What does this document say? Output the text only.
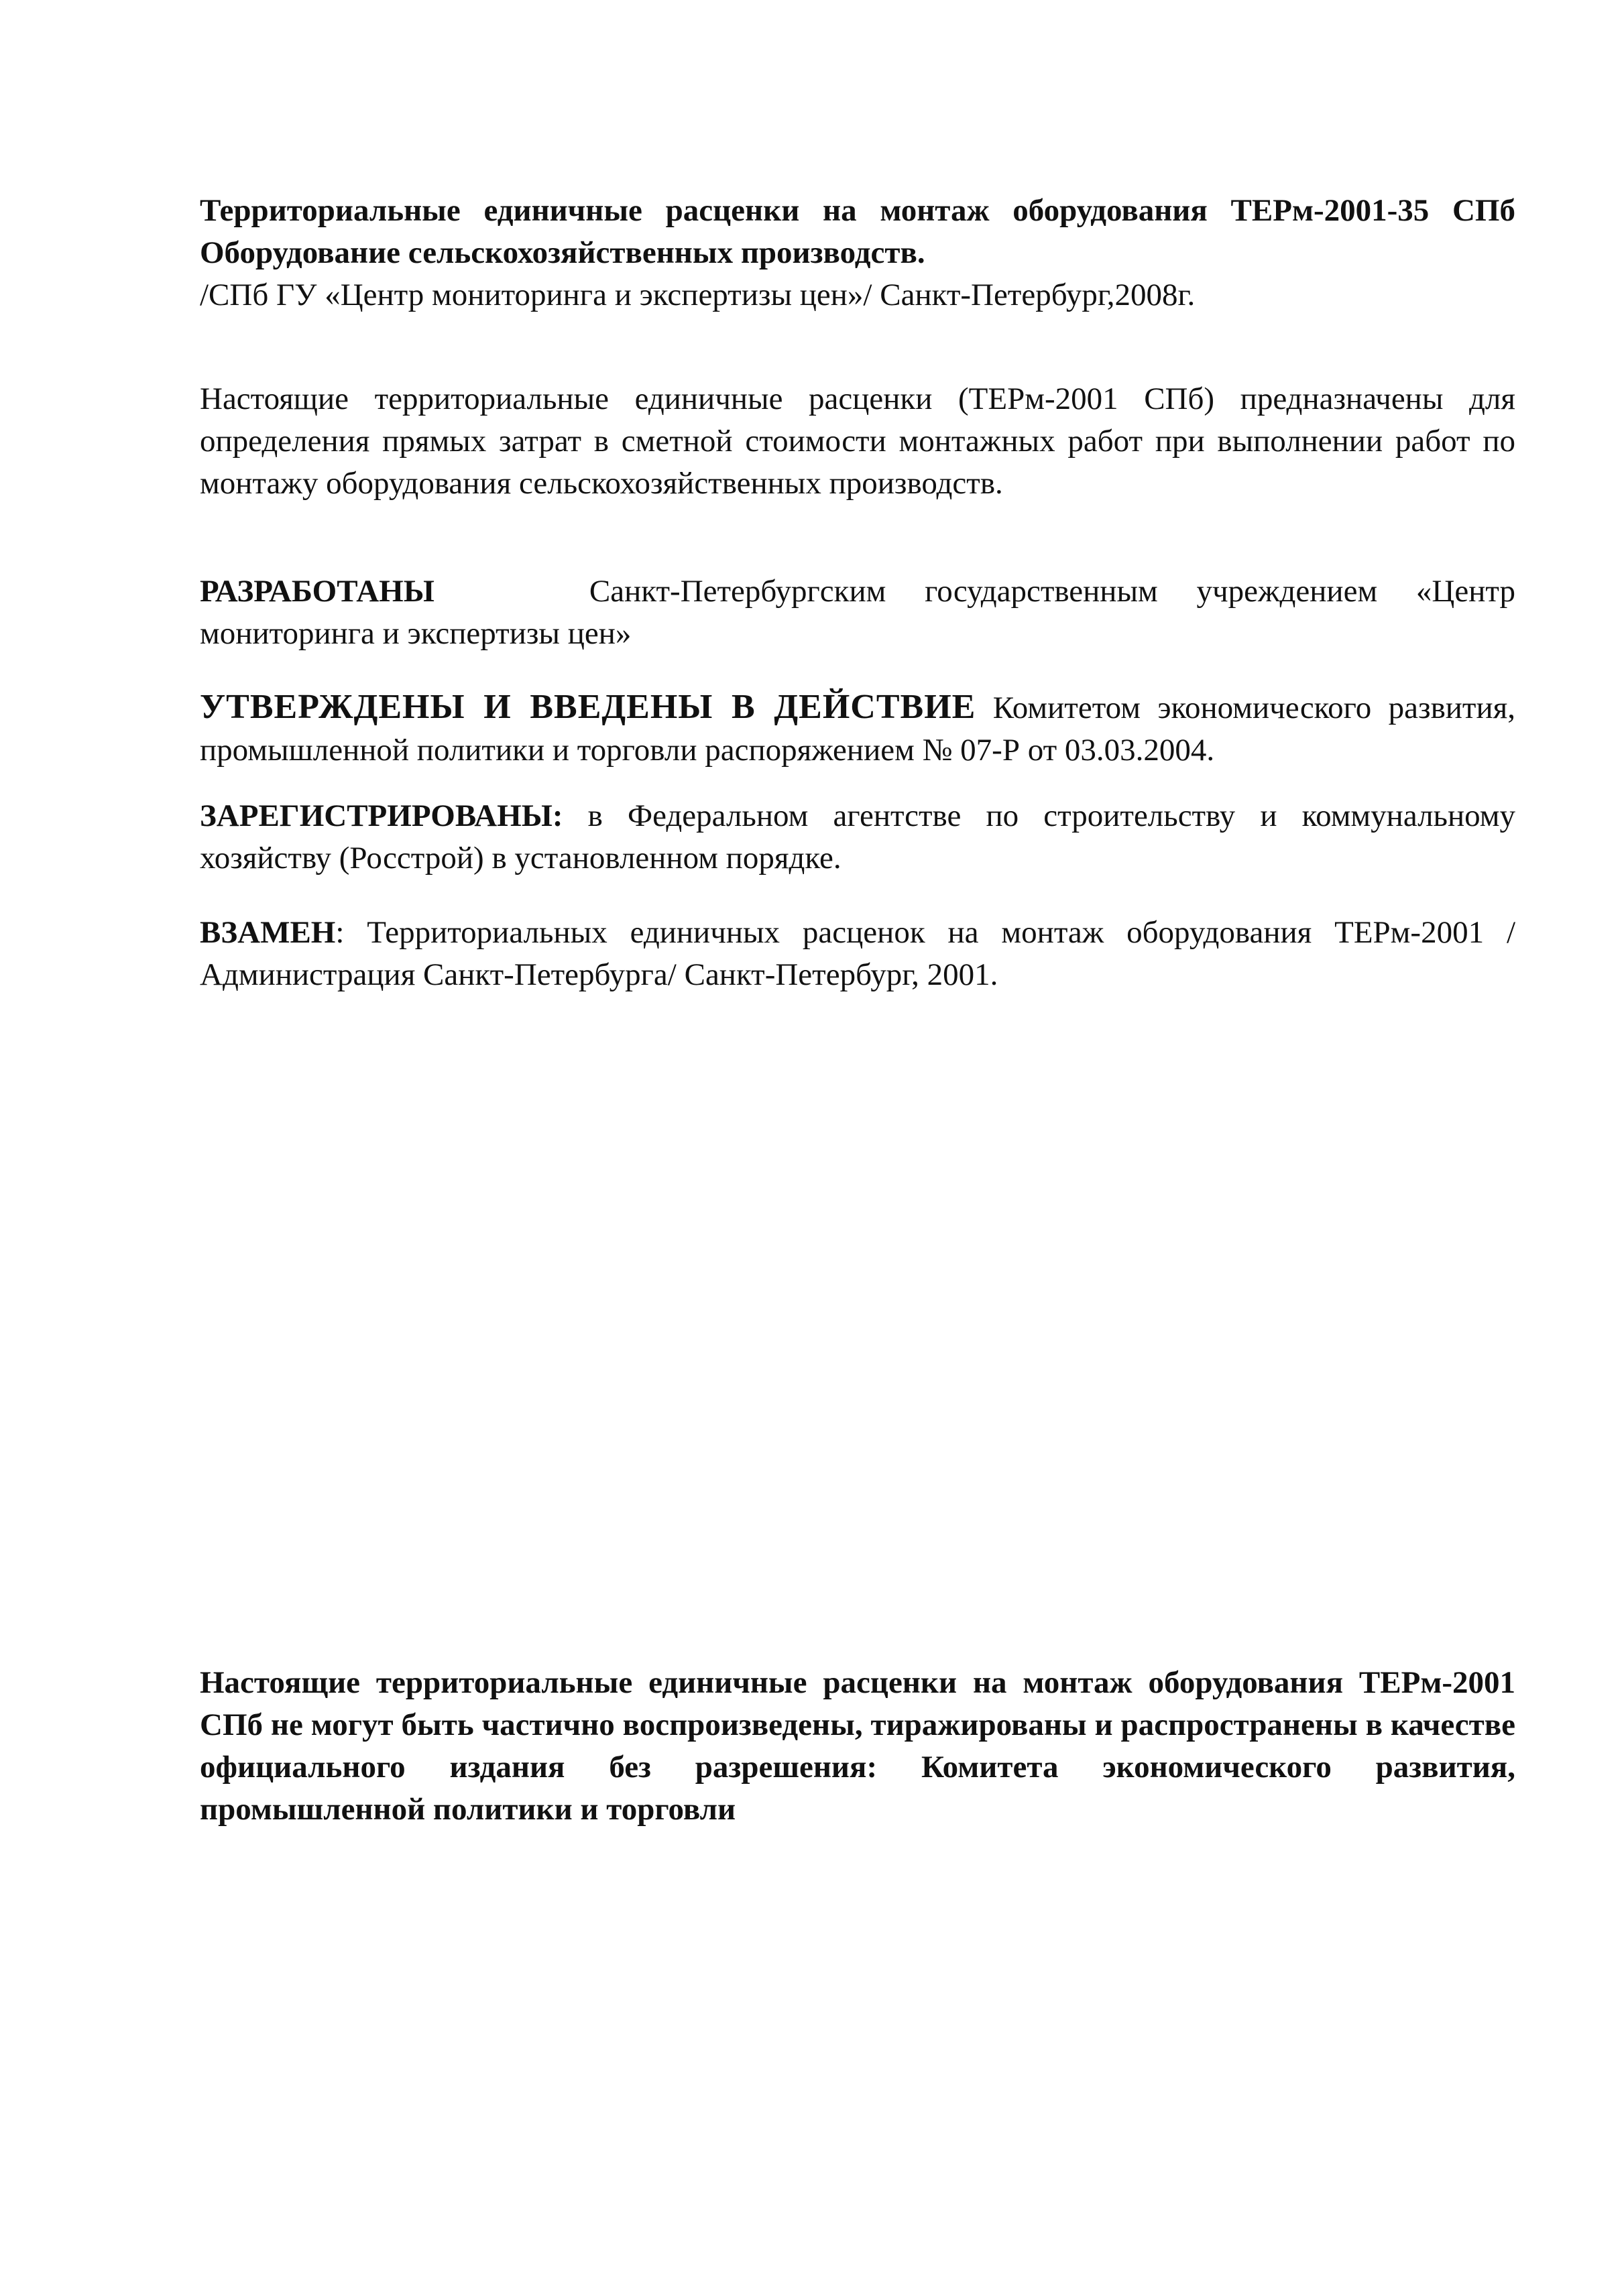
Территориальные единичные расценки на монтаж оборудования ТЕРм-2001-35 СПб
Оборудование сельскохозяйственных производств.
/СПб ГУ «Центр мониторинга и экспертизы цен»/ Санкт-Петербург,2008г.

Настоящие территориальные единичные расценки (ТЕРм-2001 СПб) предназначены для определения прямых затрат в сметной стоимости монтажных работ при выполнении работ по монтажу оборудования сельскохозяйственных производств.

РАЗРАБОТАНЫ	Санкт-Петербургским государственным учреждением «Центр
мониторинга и экспертизы цен»

УТВЕРЖДЕНЫ И ВВЕДЕНЫ В ДЕЙСТВИЕ Комитетом экономического развития, промышленной политики и торговли распоряжением № 07-Р от 03.03.2004.

ЗАРЕГИСТРИРОВАНЫ: в Федеральном агентстве по строительству и коммунальному хозяйству (Росстрой) в установленном порядке.

ВЗАМЕН: Территориальных единичных расценок на монтаж оборудования ТЕРм-2001 /Администрация Санкт-Петербурга/ Санкт-Петербург, 2001.

Настоящие территориальные единичные расценки на монтаж оборудования ТЕРм-2001 СПб не могут быть частично воспроизведены, тиражированы и распространены в качестве официального издания без разрешения: Комитета экономического развития, промышленной политики и торговли
